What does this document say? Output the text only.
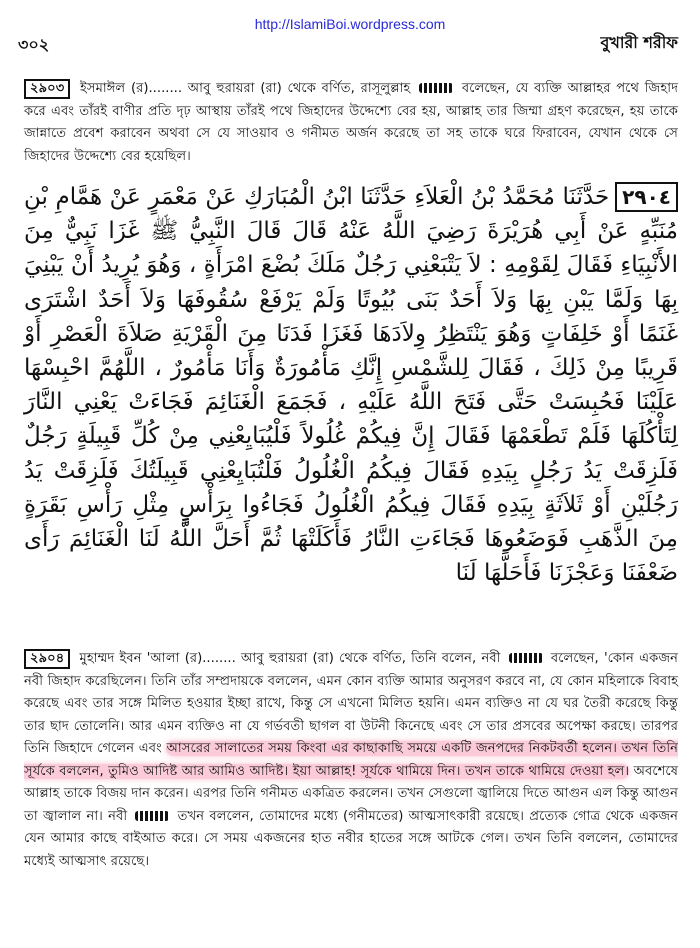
http://IslamiBoi.wordpress.com
৩০২	বুখারী শরীফ
২৯০৩ ইসমাঈল (র)........ আবু হুরায়রা (রা) থেকে বর্ণিত, রাসূলুল্লাহ	বলেছেন, যে ব্যক্তি আল্লাহর পথে জিহাদ করে এবং তাঁরই বাণীর প্রতি দৃঢ় আস্থায় তাঁরই পথে জিহাদের উদ্দেশ্যে বের হয়, আল্লাহ তার জিম্মা গ্রহণ করেছেন, হয় তাকে জান্নাতে প্রবেশ করাবেন অথবা সে যে সাওয়াব ও গনীমত অর্জন করেছে তা সহ তাকে ঘরে ফিরাবেন, যেখান থেকে সে জিহাদের উদ্দেশ্যে বের হয়েছিল।
٢٩٠٤حَدَّثَنَا مُحَمَّدُ بْنُ الْعَلاَءِ حَدَّثَنَا ابْنُ الْمُبَارَكِ عَنْ مَعْمَرٍ عَنْ هَمَّامِ بْنِ مُنَبِّهٍ عَنْ أَبِي هُرَيْرَةَ رَضِيَ اللَّهُ عَنْهُ قَالَ قَالَ النَّبِيُّ ﷺ غَزَا نَبِيٌّ مِنَ الأَنْبِيَاءِ فَقَالَ لِقَوْمِهِ : لاَ يَتْبَعْنِي رَجُلٌ مَلَكَ بُضْعَ امْرَأَةٍ ، وَهُوَ يُرِيدُ أَنْ يَبْنِيَ بِهَا وَلَمَّا يَبْنِ بِهَا وَلاَ أَحَدٌ بَنَى بُيُوتًا وَلَمْ يَرْفَعْ سُقُوفَهَا وَلاَ أَحَدٌ اشْتَرَى غَنَمًا أَوْ خَلِفَاتٍ وَهُوَ يَنْتَظِرُ وِلاَدَهَا فَغَزَا فَدَنَا مِنَ الْقَرْيَةِ صَلاَةَ الْعَصْرِ أَوْ قَرِيبًا مِنْ ذَلِكَ ، فَقَالَ لِلشَّمْسِ إِنَّكِ مَأْمُورَةٌ وَأَنَا مَأْمُورٌ ، اللَّهُمَّ احْبِسْهَا عَلَيْنَا فَحُبِسَتْ حَتَّى فَتَحَ اللَّهُ عَلَيْهِ ، فَجَمَعَ الْغَنَائِمَ فَجَاءَتْ يَعْنِي النَّارَ لِتَأْكُلَهَا فَلَمْ تَطْعَمْهَا فَقَالَ إِنَّ فِيكُمْ غُلُولاً فَلْيُبَايِعْنِي مِنْ كُلِّ قَبِيلَةٍ رَجُلٌ فَلَزِقَتْ يَدُ رَجُلٍ بِيَدِهِ فَقَالَ فِيكُمُ الْغُلُولُ فَلْتُبَايِعْنِي قَبِيلَتُكَ فَلَزِقَتْ يَدُ رَجُلَيْنِ أَوْ ثَلاَثَةٍ بِيَدِهِ فَقَالَ فِيكُمُ الْغُلُولُ فَجَاءُوا بِرَأْسٍ مِثْلِ رَأْسِ بَقَرَةٍ مِنَ الذَّهَبِ فَوَضَعُوهَا فَجَاءَتِ النَّارُ فَأَكَلَتْهَا ثُمَّ أَحَلَّ اللَّهُ لَنَا الْغَنَائِمَ رَأَى ضَعْفَنَا وَعَجْزَنَا فَأَحَلَّهَا لَنَا
২৯০৪ মুহাম্মদ ইবন 'আলা (র)........ আবু হুরায়রা (রা) থেকে বর্ণিত, তিনি বলেন, নবী	বলেছেন, 'কোন একজন নবী জিহাদ করেছিলেন। তিনি তাঁর সম্প্রদায়কে বললেন, এমন কোন ব্যক্তি আমার অনুসরণ করবে না, যে কোন মহিলাকে বিবাহ করেছে এবং তার সঙ্গে মিলিত হওয়ার ইচ্ছা রাখে, কিন্তু সে এখনো মিলিত হয়নি। এমন ব্যক্তিও না যে ঘর তৈরী করেছে কিন্তু তার ছাদ তোলেনি। আর এমন ব্যক্তিও না যে গর্ভবতী ছাগল বা উটনী কিনেছে এবং সে তার প্রসবের অপেক্ষা করছে। তারপর তিনি জিহাদে গেলেন এবং আসরের সালাতের সময় কিংবা এর কাছাকাছি সময়ে একটি জনপদের নিকটবর্তী হলেন। তখন তিনি সূর্যকে বললেন, তুমিও আদিষ্ট আর আমিও আদিষ্ট। ইয়া আল্লাহ! সূর্যকে থামিয়ে দিন। তখন তাকে থামিয়ে দেওয়া হল। অবশেষে আল্লাহ তাকে বিজয় দান করেন। এরপর তিনি গনীমত একত্রিত করলেন। তখন সেগুলো জ্বালিয়ে দিতে আগুন এল কিন্তু আগুন তা জ্বালাল না। নবী	তখন বললেন, তোমাদের মধ্যে (গনীমতের) আত্মসাৎকারী রয়েছে। প্রত্যেক গোত্র থেকে একজন যেন আমার কাছে বাইআত করে। সে সময় একজনের হাত নবীর হাতের সঙ্গে আটকে গেল। তখন তিনি বললেন, তোমাদের মধ্যেই আত্মসাৎ রয়েছে।
